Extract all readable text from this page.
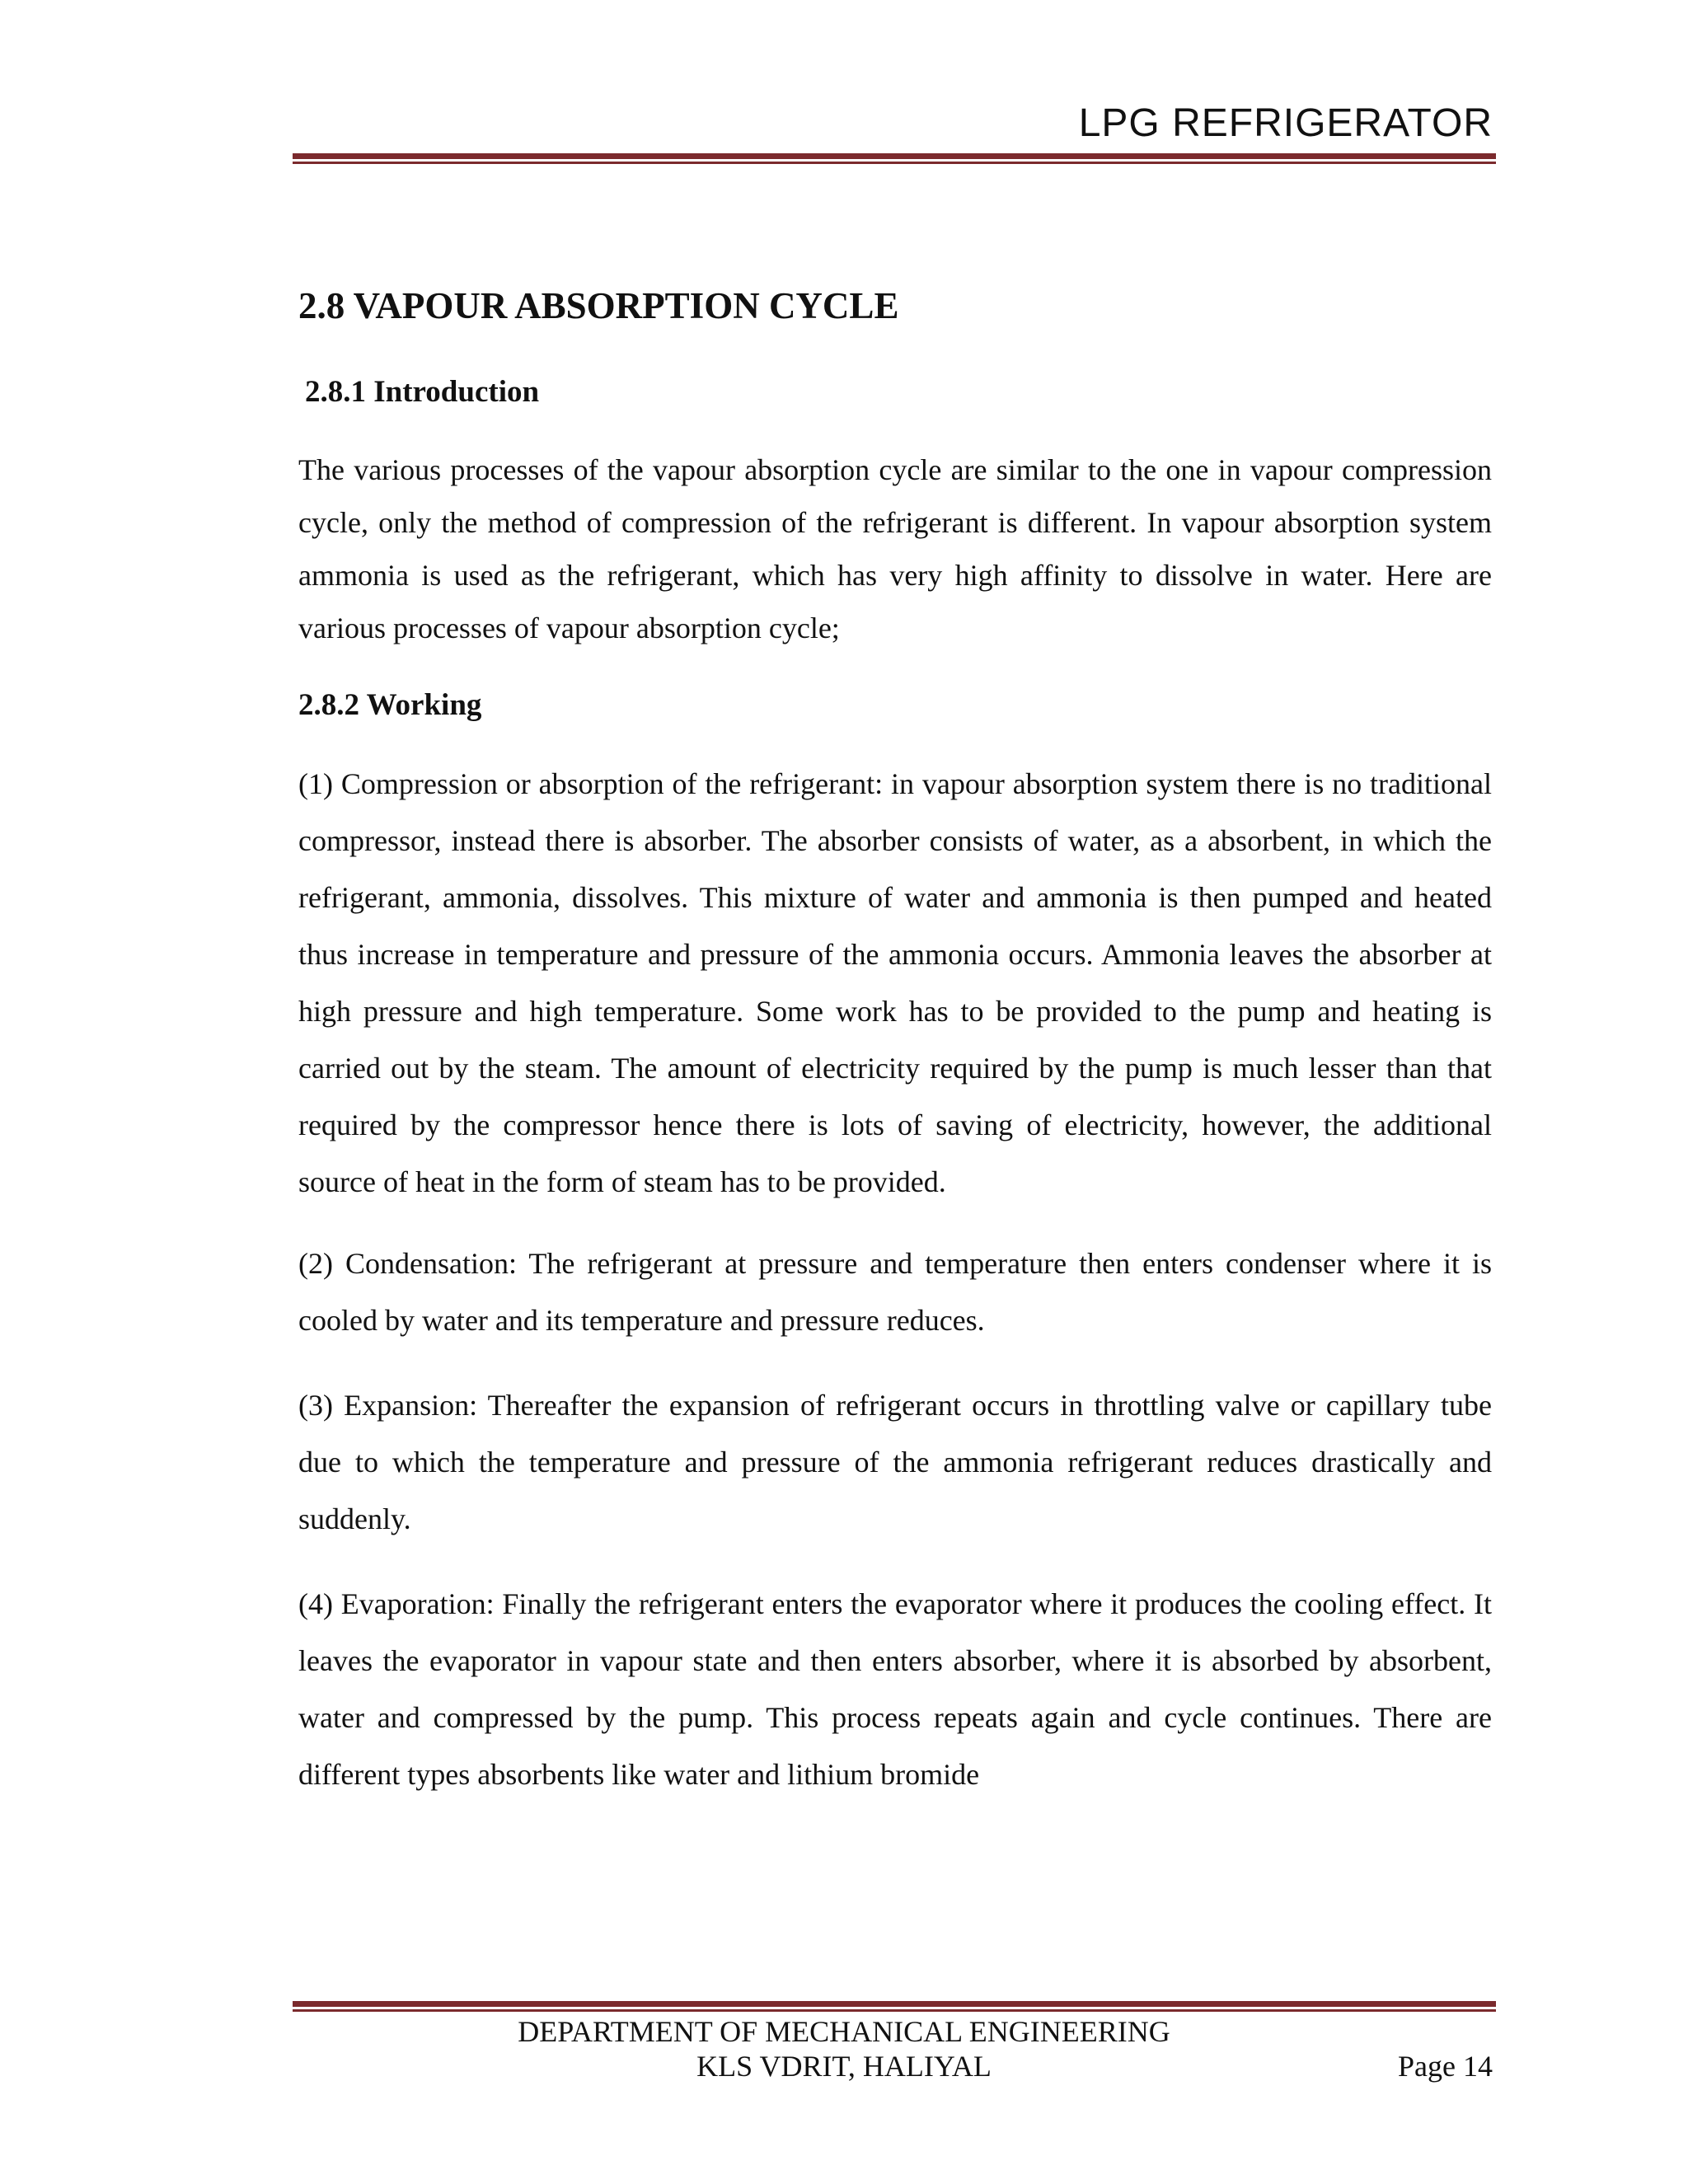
LPG REFRIGERATOR
2.8 VAPOUR ABSORPTION CYCLE
2.8.1 Introduction

The various processes of the vapour absorption cycle are similar to the one in vapour compression cycle, only the method of compression of the refrigerant is different. In vapour absorption system ammonia is used as the refrigerant, which has very high affinity to dissolve in water. Here are various processes of vapour absorption cycle;

2.8.2 Working

(1) Compression or absorption of the refrigerant: in vapour absorption system there is no traditional compressor, instead there is absorber. The absorber consists of water, as a absorbent, in which the refrigerant, ammonia, dissolves. This mixture of water and ammonia is then pumped and heated thus increase in temperature and pressure of the ammonia occurs. Ammonia leaves the absorber at high pressure and high temperature. Some work has to be provided to the pump and heating is carried out by the steam. The amount of electricity required by the pump is much lesser than that required by the compressor hence there is lots of saving of electricity, however, the additional source of heat in the form of steam has to be provided.

(2) Condensation: The refrigerant at pressure and temperature then enters condenser where it is cooled by water and its temperature and pressure reduces.

(3) Expansion: Thereafter the expansion of refrigerant occurs in throttling valve or capillary tube due to which the temperature and pressure of the ammonia refrigerant reduces drastically and suddenly.

(4) Evaporation: Finally the refrigerant enters the evaporator where it produces the cooling effect. It leaves the evaporator in vapour state and then enters absorber, where it is absorbed by absorbent, water and compressed by the pump. This process repeats again and cycle continues. There are different types absorbents like water and lithium bromide

DEPARTMENT OF MECHANICAL ENGINEERING
KLS VDRIT, HALIYAL	Page 14
